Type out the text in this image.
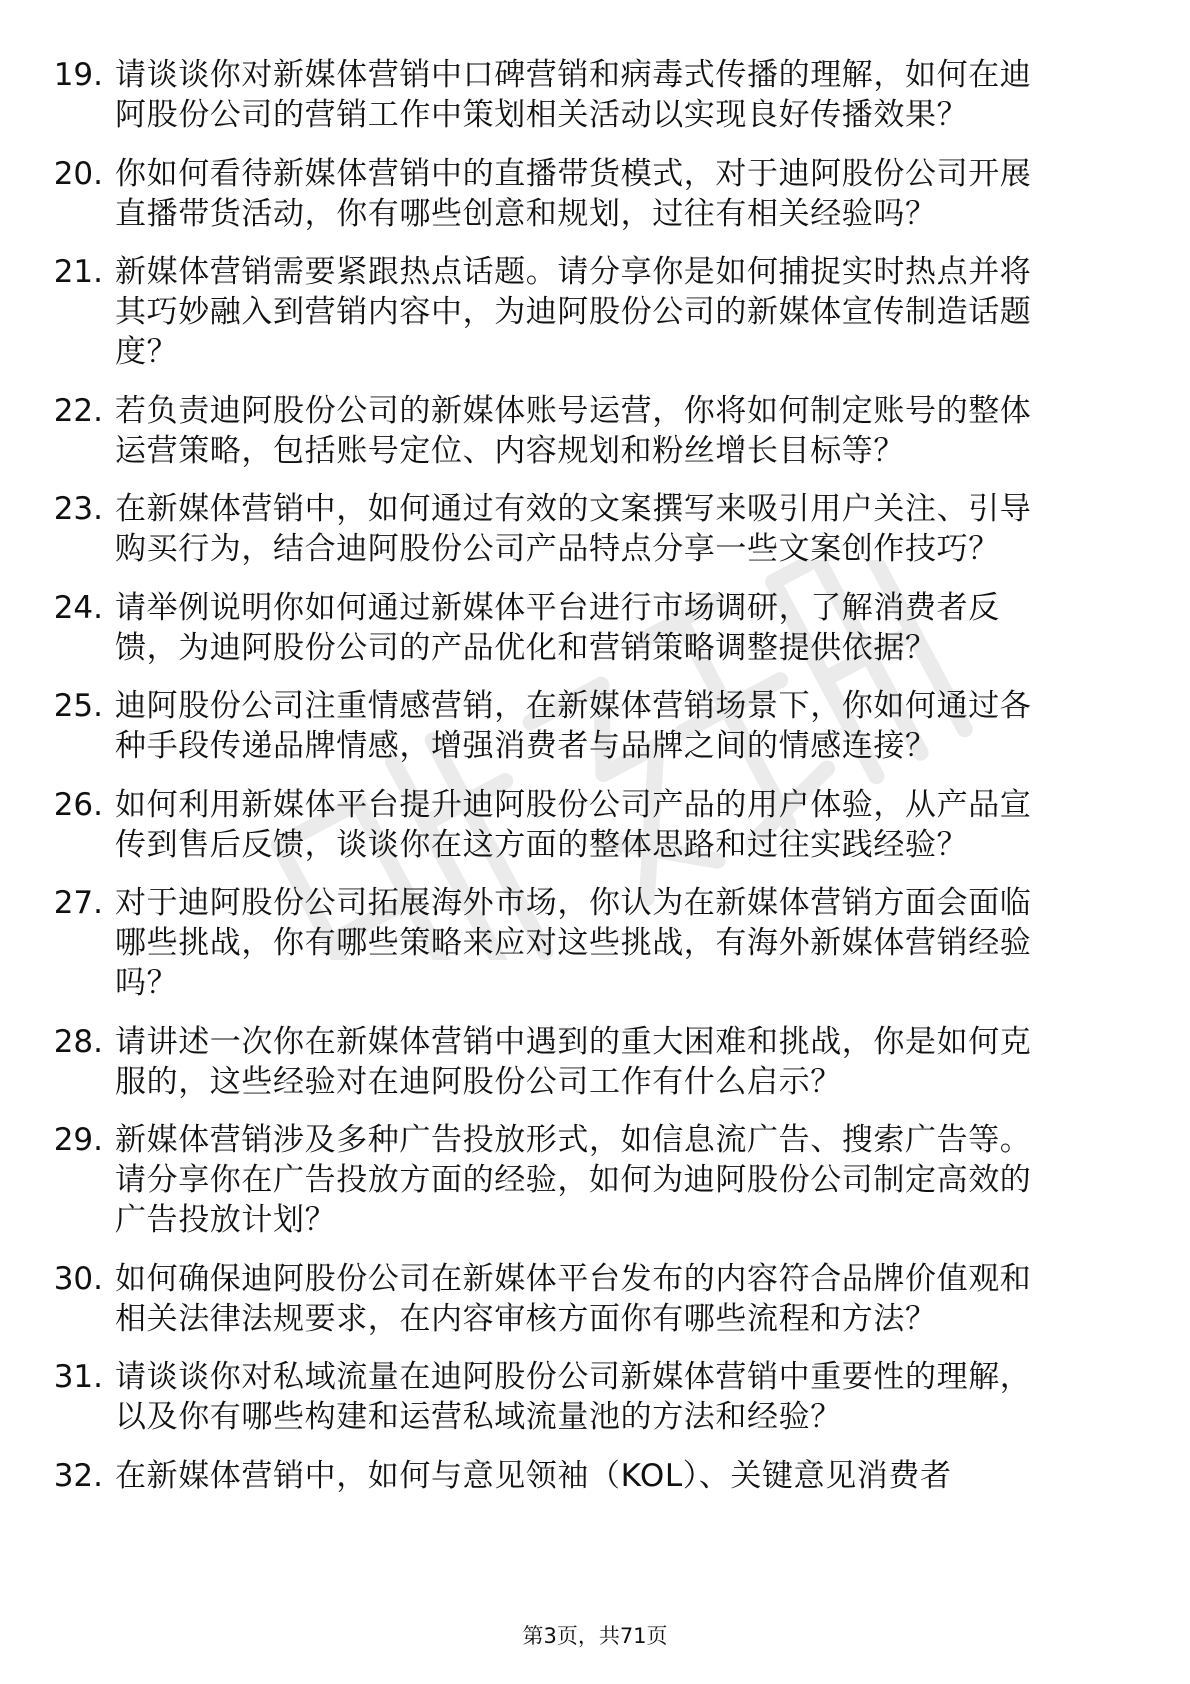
19. 请谈谈你对新媒体营销中口碑营销和病毒式传播的理解，如何在迪阿股份公司的营销工作中策划相关活动以实现良好传播效果？
20. 你如何看待新媒体营销中的直播带货模式，对于迪阿股份公司开展直播带货活动，你有哪些创意和规划，过往有相关经验吗？
21. 新媒体营销需要紧跟热点话题。请分享你是如何捕捉实时热点并将其巧妙融入到营销内容中，为迪阿股份公司的新媒体宣传制造话题度？
22. 若负责迪阿股份公司的新媒体账号运营，你将如何制定账号的整体运营策略，包括账号定位、内容规划和粉丝增长目标等？
23. 在新媒体营销中，如何通过有效的文案撰写来吸引用户关注、引导购买行为，结合迪阿股份公司产品特点分享一些文案创作技巧？
24. 请举例说明你如何通过新媒体平台进行市场调研，了解消费者反馈，为迪阿股份公司的产品优化和营销策略调整提供依据？
25. 迪阿股份公司注重情感营销，在新媒体营销场景下，你如何通过各种手段传递品牌情感，增强消费者与品牌之间的情感连接？
26. 如何利用新媒体平台提升迪阿股份公司产品的用户体验，从产品宣传到售后反馈，谈谈你在这方面的整体思路和过往实践经验？
27. 对于迪阿股份公司拓展海外市场，你认为在新媒体营销方面会面临哪些挑战，你有哪些策略来应对这些挑战，有海外新媒体营销经验吗？
28. 请讲述一次你在新媒体营销中遇到的重大困难和挑战，你是如何克服的，这些经验对在迪阿股份公司工作有什么启示？
29. 新媒体营销涉及多种广告投放形式，如信息流广告、搜索广告等。请分享你在广告投放方面的经验，如何为迪阿股份公司制定高效的广告投放计划？
30. 如何确保迪阿股份公司在新媒体平台发布的内容符合品牌价值观和相关法律法规要求，在内容审核方面你有哪些流程和方法？
31. 请谈谈你对私域流量在迪阿股份公司新媒体营销中重要性的理解，以及你有哪些构建和运营私域流量池的方法和经验？
32. 在新媒体营销中，如何与意见领袖（KOL）、关键意见消费者
第3页，共71页
